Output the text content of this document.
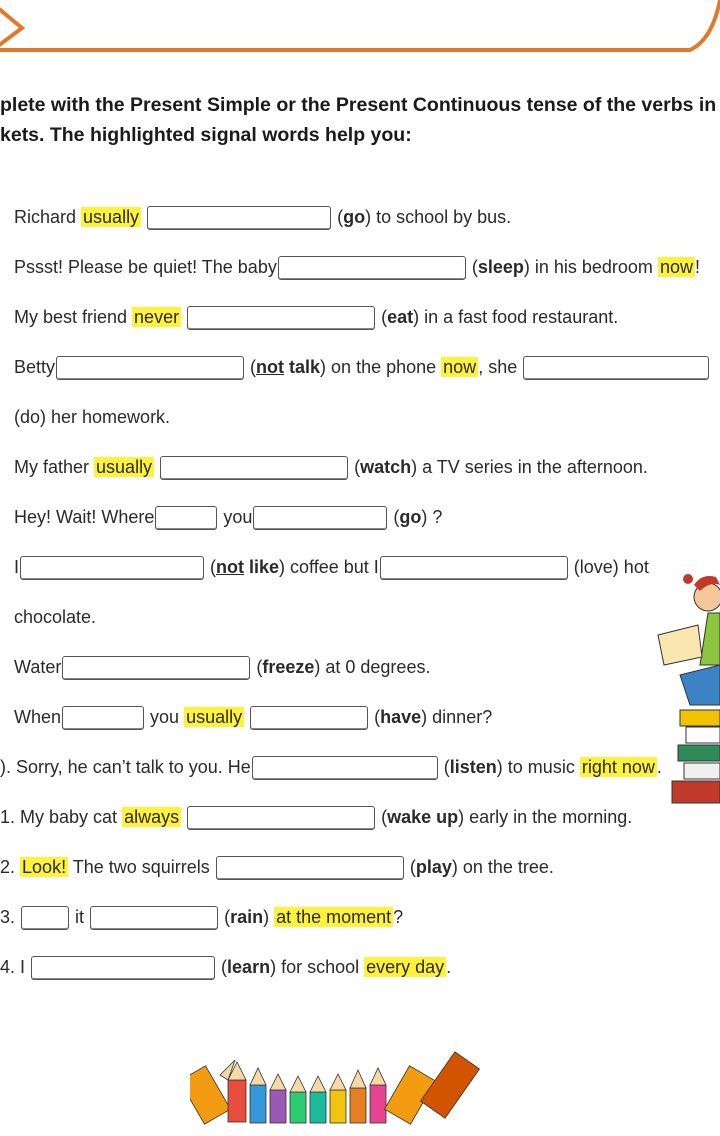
plete with the Present Simple or the Present Continuous tense of the verbs in
kets. The highlighted signal words help you:
Richard usually	(go) to school by bus.
Pssst! Please be quiet! The baby	(sleep) in his bedroom now !
My best friend never	(eat) in a fast food restaurant.
Betty	(not talk) on the phone now , she
(do) her homework.
My father usually	(watch) a TV series in the afternoon.
Hey! Wait! Where	you	(go) ?
I	(not like) coffee but I	(love) hot
chocolate.
Water	(freeze) at 0 degrees.
When	you usually	(have) dinner?
). Sorry, he can’t talk to you. He	(listen) to music right now .
1. My baby cat always	(wake up) early in the morning.
2. Look! The two squirrels	(play) on the tree.
3.	it	(rain) at the moment ?
4. I	(learn) for school every day .
